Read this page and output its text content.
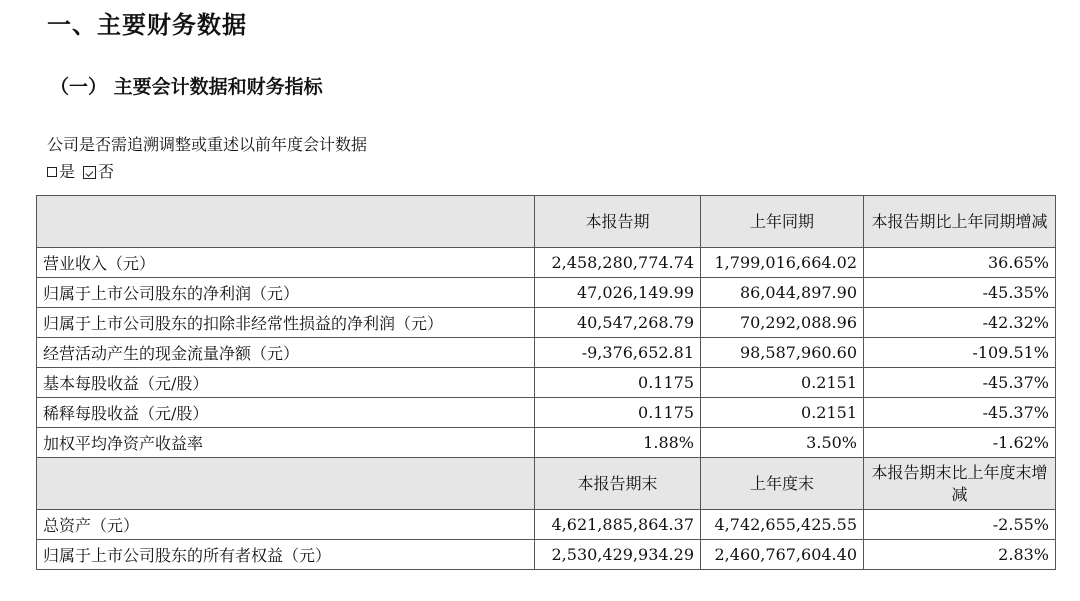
一、主要财务数据
（一） 主要会计数据和财务指标
公司是否需追溯调整或重述以前年度会计数据
是 否
	本报告期	上年同期	本报告期比上年同期增减
营业收入（元）	2,458,280,774.74	1,799,016,664.02	36.65%
归属于上市公司股东的净利润（元）	47,026,149.99	86,044,897.90	-45.35%
归属于上市公司股东的扣除非经常性损益的净利润（元）	40,547,268.79	70,292,088.96	-42.32%
经营活动产生的现金流量净额（元）	-9,376,652.81	98,587,960.60	-109.51%
基本每股收益（元/股）	0.1175	0.2151	-45.37%
稀释每股收益（元/股）	0.1175	0.2151	-45.37%
加权平均净资产收益率	1.88%	3.50%	-1.62%
	本报告期末	上年度末	本报告期末比上年度末增减
总资产（元）	4,621,885,864.37	4,742,655,425.55	-2.55%
归属于上市公司股东的所有者权益（元）	2,530,429,934.29	2,460,767,604.40	2.83%
